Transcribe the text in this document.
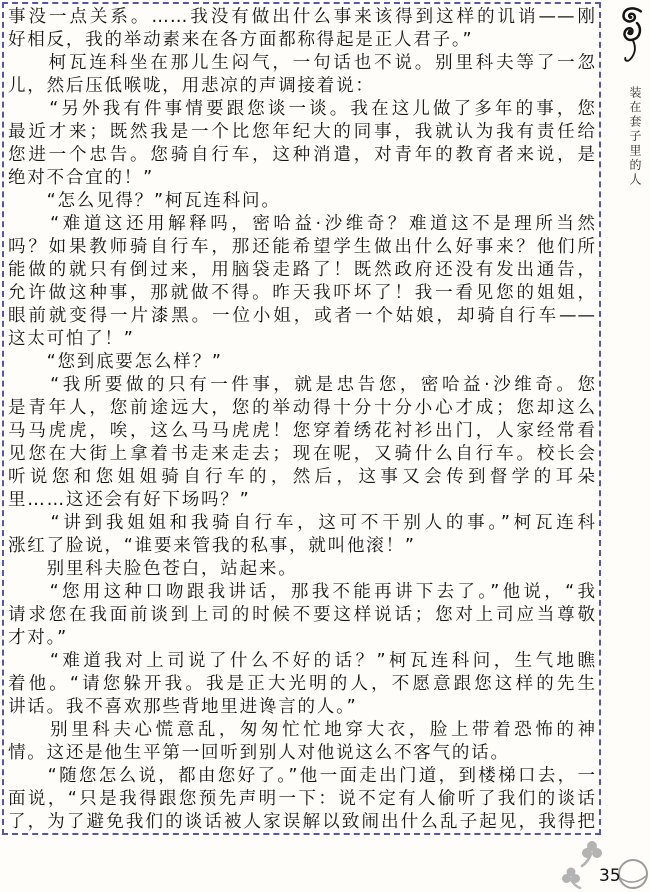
事没一点关系。……我没有做出什么事来该得到这样的讥诮——刚
好相反，我的举动素来在各方面都称得起是正人君子。”
　　柯瓦连科坐在那儿生闷气，一句话也不说。别里科夫等了一忽
儿，然后压低喉咙，用悲凉的声调接着说：
　　“另外我有件事情要跟您谈一谈。我在这儿做了多年的事，您
最近才来；既然我是一个比您年纪大的同事，我就认为我有责任给
您进一个忠告。您骑自行车，这种消遣，对青年的教育者来说，是
绝对不合宜的！”
　　“怎么见得？”柯瓦连科问。
　　“难道这还用解释吗，密哈益·沙维奇？难道这不是理所当然
吗？如果教师骑自行车，那还能希望学生做出什么好事来？他们所
能做的就只有倒过来，用脑袋走路了！既然政府还没有发出通告，
允许做这种事，那就做不得。昨天我吓坏了！我一看见您的姐姐，
眼前就变得一片漆黑。一位小姐，或者一个姑娘，却骑自行车——
这太可怕了！”
　　“您到底要怎么样？”
　　“我所要做的只有一件事，就是忠告您，密哈益·沙维奇。您
是青年人，您前途远大，您的举动得十分十分小心才成；您却这么
马马虎虎，唉，这么马马虎虎！您穿着绣花衬衫出门，人家经常看
见您在大街上拿着书走来走去；现在呢，又骑什么自行车。校长会
听说您和您姐姐骑自行车的，然后，这事又会传到督学的耳朵
里……这还会有好下场吗？”
　　“讲到我姐姐和我骑自行车，这可不干别人的事。”柯瓦连科
涨红了脸说，“谁要来管我的私事，就叫他滚！”
　　别里科夫脸色苍白，站起来。
　　“您用这种口吻跟我讲话，那我不能再讲下去了。”他说，“我
请求您在我面前谈到上司的时候不要这样说话；您对上司应当尊敬
才对。”
　　“难道我对上司说了什么不好的话？”柯瓦连科问，生气地瞧
着他。“请您躲开我。我是正大光明的人，不愿意跟您这样的先生
讲话。我不喜欢那些背地里进谗言的人。”
　　别里科夫心慌意乱，匆匆忙忙地穿大衣，脸上带着恐怖的神
情。这还是他生平第一回听到别人对他说这么不客气的话。
　　“随您怎么说，都由您好了。”他一面走出门道，到楼梯口去，一
面说，“只是我得跟您预先声明一下：说不定有人偷听了我们的谈话
了，为了避免我们的谈话被人家误解以致闹出什么乱子起见，我得把
装在套子里的人
35
